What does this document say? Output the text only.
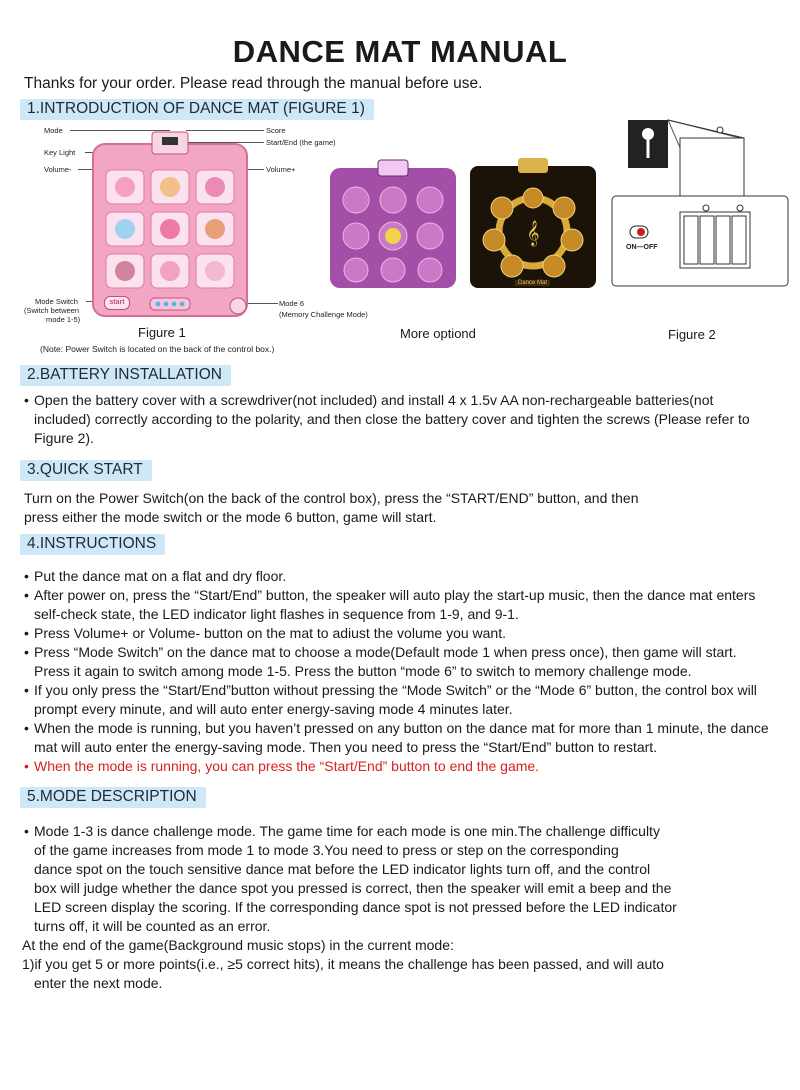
DANCE MAT MANUAL
Thanks for your order. Please read through the manual before use.
1.INTRODUCTION OF DANCE MAT (FIGURE 1)
Mode
Key Light
Volume-
Score
Start/End (the game)
Volume+
Mode Switch
(Switch between
mode 1-5)
Mode 6
(Memory Challenge Mode)
start
Figure 1
(Note: Power Switch is located on the back of the control box.)
𝄞
Dance Mat
More optiond
ON—OFF
Figure 2
2.BATTERY INSTALLATION
• Open the battery cover with a screwdriver(not included) and install 4 x 1.5v AA non-rechargeable batteries(not included) correctly according to the polarity, and then close the battery cover and tighten the screws (Please refer to Figure 2).
3.QUICK START
Turn on the Power Switch(on the back of the control box), press the “START/END” button, and then
press either the mode switch or the mode 6 button, game will start.
4.INSTRUCTIONS
• Put the dance mat on a flat and dry floor.
• After power on, press the “Start/End” button, the speaker will auto play the start-up music, then the dance mat enters self-check state, the LED indicator light flashes in sequence from 1-9, and 9-1.
• Press Volume+ or Volume- button on the mat to adiust the volume you want.
• Press “Mode Switch” on the dance mat to choose a mode(Default mode 1 when press once), then game will start. Press it again to switch among mode 1-5. Press the button “mode 6” to switch to memory challenge mode.
• If you only press the “Start/End”button without pressing the “Mode Switch” or the “Mode 6” button, the control box will prompt every minute, and will auto enter energy-saving mode 4 minutes later.
• When the mode is running, but you haven’t pressed on any button on the dance mat for more than 1 minute, the dance mat will auto enter the energy-saving mode. Then you need to press the “Start/End” button to restart.
• When the mode is running, you can press the “Start/End” button to end the game.
5.MODE DESCRIPTION
• Mode 1-3 is dance challenge mode. The game time for each mode is one min.The challenge difficulty
of the game increases from mode 1 to mode 3.You need to press or step on the corresponding
dance spot on the touch sensitive dance mat before the LED indicator lights turn off, and the control
box will judge whether the dance spot you pressed is correct, then the speaker will emit a beep and the
LED screen display the scoring. If the corresponding dance spot is not pressed before the LED indicator
turns off, it will be counted as an error.
At the end of the game(Background music stops) in the current mode:
1)if you get 5 or more points(i.e., ≥5 correct hits), it means the challenge has been passed, and will auto
enter the next mode.
